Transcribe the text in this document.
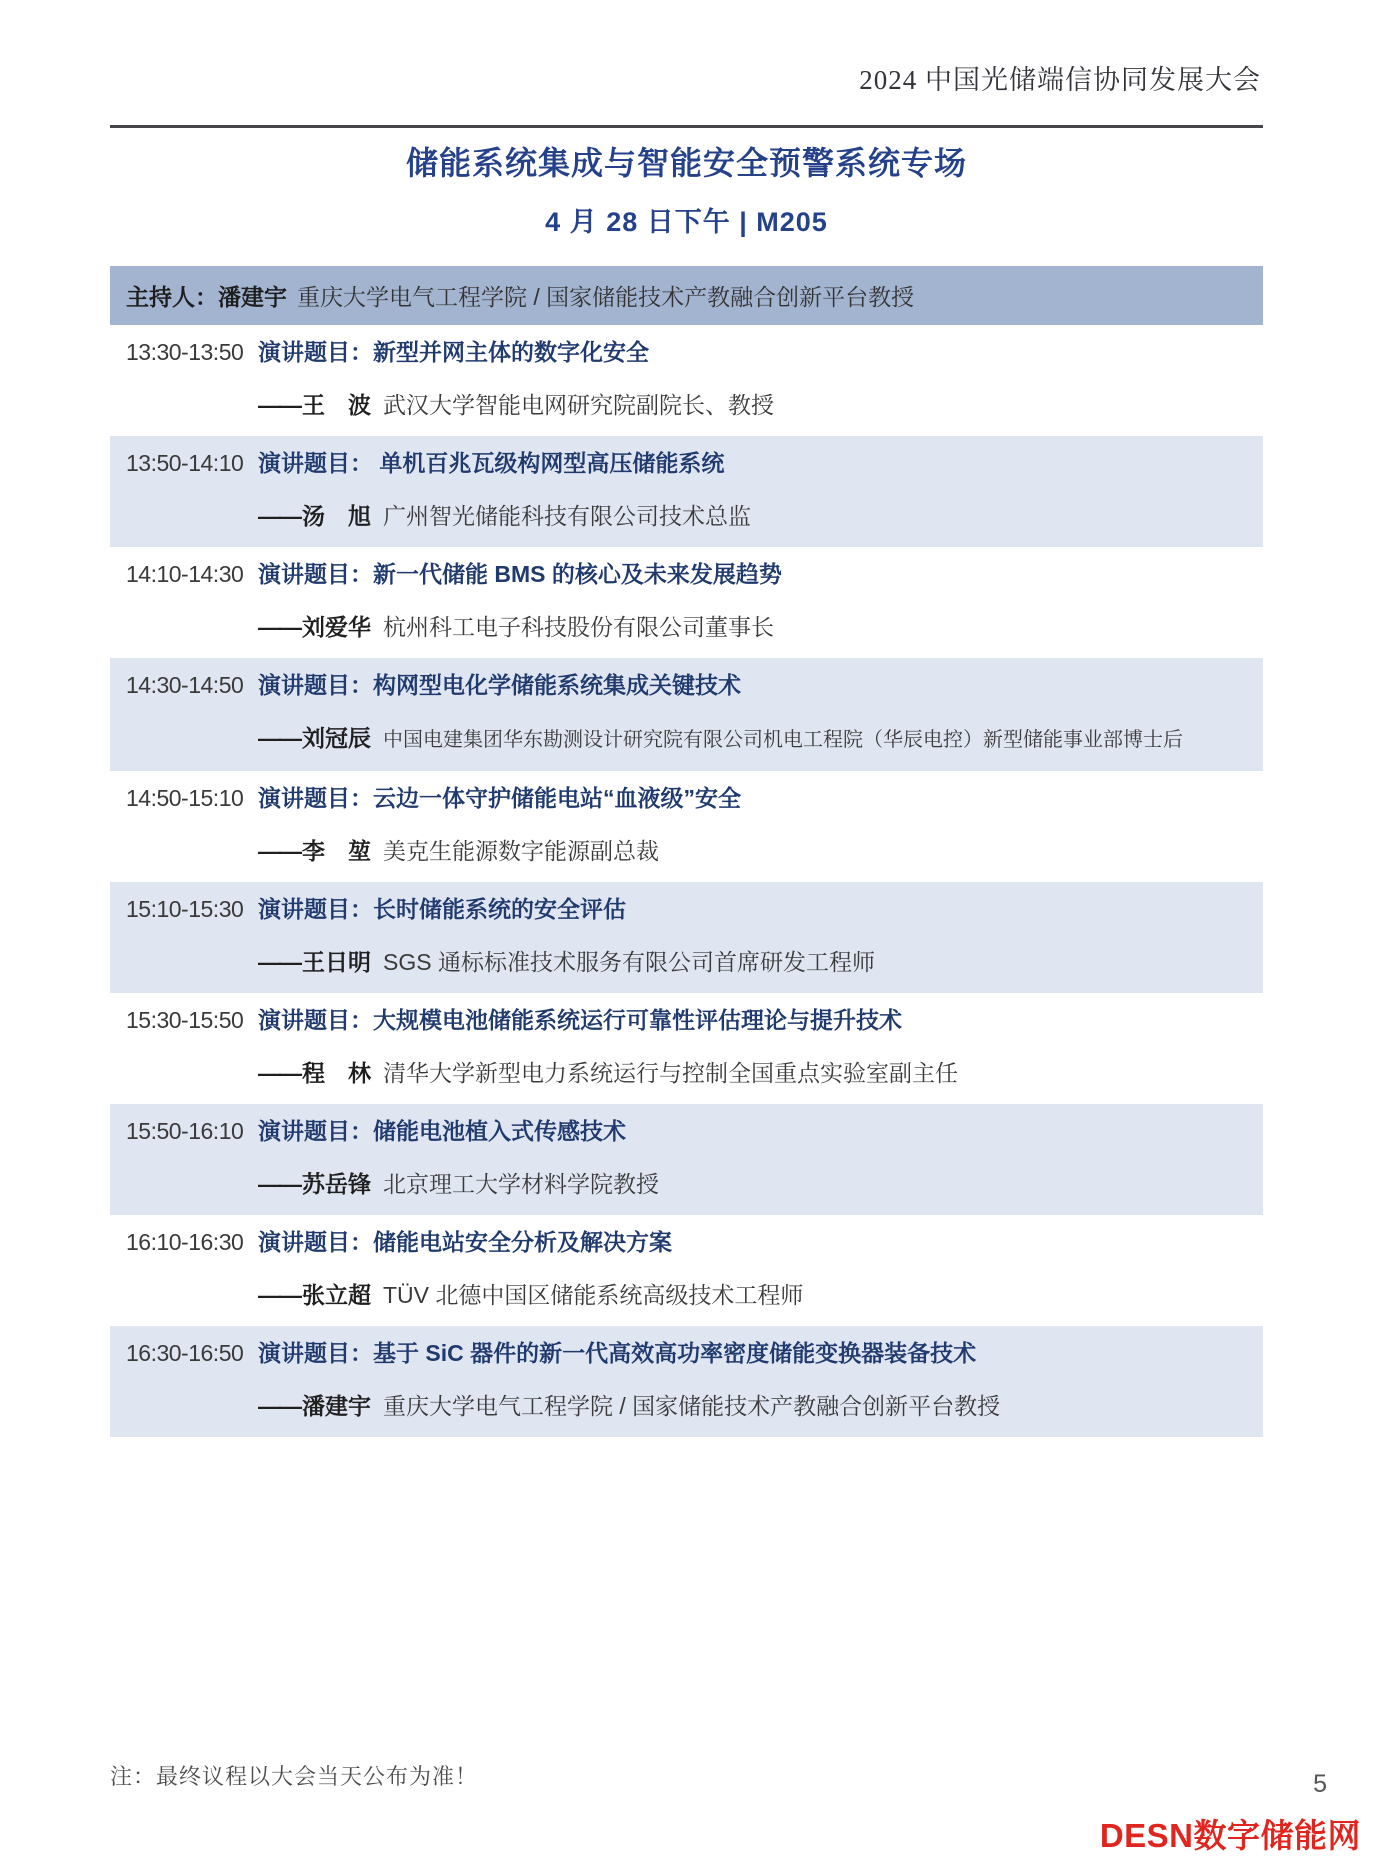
2024 中国光储端信协同发展大会
储能系统集成与智能安全预警系统专场
4 月 28 日下午 | M205
主持人： 潘建宇 重庆大学电气工程学院 / 国家储能技术产教融合创新平台教授
13:30-13:50 演讲题目：新型并网主体的数字化安全
——王　波 武汉大学智能电网研究院副院长、教授
13:50-14:10 演讲题目： 单机百兆瓦级构网型高压储能系统
——汤　旭 广州智光储能科技有限公司技术总监
14:10-14:30 演讲题目：新一代储能 BMS 的核心及未来发展趋势
——刘爱华 杭州科工电子科技股份有限公司董事长
14:30-14:50 演讲题目：构网型电化学储能系统集成关键技术
——刘冠辰 中国电建集团华东勘测设计研究院有限公司机电工程院（华辰电控）新型储能事业部博士后
14:50-15:10 演讲题目：云边一体守护储能电站“血液级”安全
——李　堃 美克生能源数字能源副总裁
15:10-15:30 演讲题目：长时储能系统的安全评估
——王日明 SGS 通标标准技术服务有限公司首席研发工程师
15:30-15:50 演讲题目：大规模电池储能系统运行可靠性评估理论与提升技术
——程　林 清华大学新型电力系统运行与控制全国重点实验室副主任
15:50-16:10 演讲题目：储能电池植入式传感技术
——苏岳锋 北京理工大学材料学院教授
16:10-16:30 演讲题目：储能电站安全分析及解决方案
——张立超 TÜV 北德中国区储能系统高级技术工程师
16:30-16:50 演讲题目：基于 SiC 器件的新一代高效高功率密度储能变换器装备技术
——潘建宇 重庆大学电气工程学院 / 国家储能技术产教融合创新平台教授
注：最终议程以大会当天公布为准！	5
DESN数字储能网
